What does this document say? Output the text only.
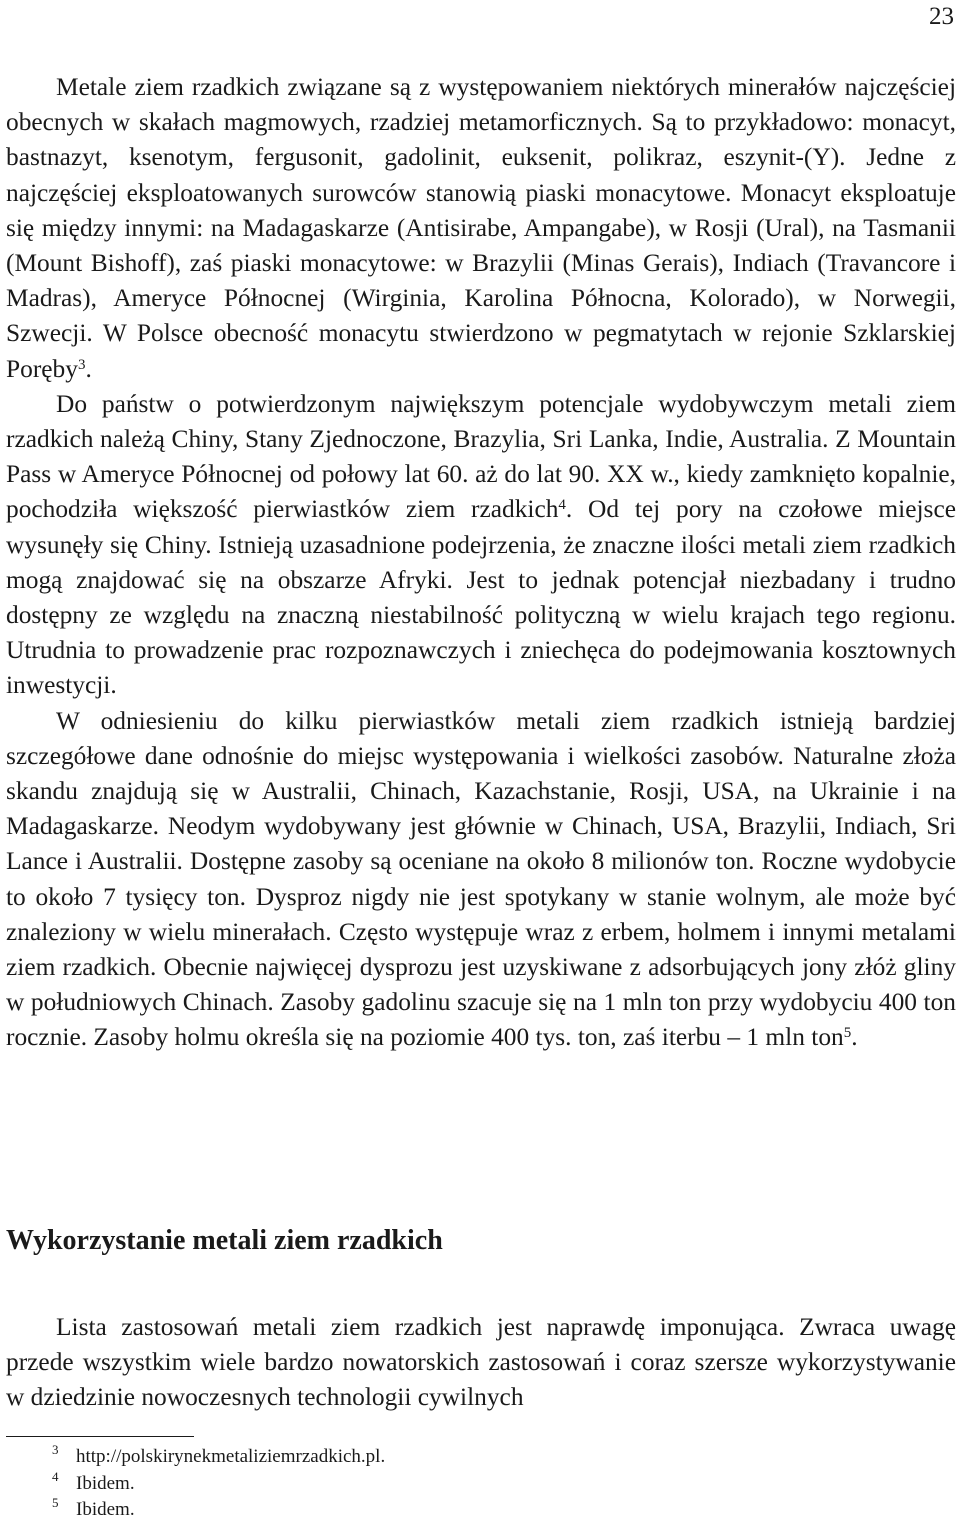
23

Metale ziem rzadkich związane są z występowaniem niektórych minerałów najczęściej obecnych w skałach magmowych, rzadziej metamorficznych. Są to przykładowo: monacyt, bastnazyt, ksenotym, fergusonit, gadolinit, euksenit, polikraz, eszynit-(Y). Jedne z najczęściej eksploatowanych surowców stanowią piaski monacytowe. Monacyt eksploatuje się między innymi: na Madagaskarze (Antisirabe, Ampangabe), w Rosji (Ural), na Tasmanii (Mount Bishoff), zaś piaski monacytowe: w Brazylii (Minas Gerais), Indiach (Travancore i Madras), Ameryce Północnej (Wirginia, Karolina Północna, Kolorado), w Norwegii, Szwecji. W Polsce obecność monacytu stwierdzono w pegmatytach w rejonie Szklarskiej Poręby$^3$.

Do państw o potwierdzonym największym potencjale wydobywczym metali ziem rzadkich należą Chiny, Stany Zjednoczone, Brazylia, Sri Lanka, Indie, Australia. Z Mountain Pass w Ameryce Północnej od połowy lat 60. aż do lat 90. XX w., kiedy zamknięto kopalnie, pochodziła większość pierwiastków ziem rzadkich$^4$. Od tej pory na czołowe miejsce wysunęły się Chiny. Istnieją uzasadnione podejrzenia, że znaczne ilości metali ziem rzadkich mogą znajdować się na obszarze Afryki. Jest to jednak potencjał niezbadany i trudno dostępny ze względu na znaczną niestabilność polityczną w wielu krajach tego regionu. Utrudnia to prowadzenie prac rozpoznawczych i zniechęca do podejmowania kosztownych inwestycji.

W odniesieniu do kilku pierwiastków metali ziem rzadkich istnieją bardziej szczegółowe dane odnośnie do miejsc występowania i wielkości zasobów. Naturalne złoża skandu znajdują się w Australii, Chinach, Kazachstanie, Rosji, USA, na Ukrainie i na Madagaskarze. Neodym wydobywany jest głównie w Chinach, USA, Brazylii, Indiach, Sri Lance i Australii. Dostępne zasoby są oceniane na około 8 milionów ton. Roczne wydobycie to około 7 tysięcy ton. Dysproz nigdy nie jest spotykany w stanie wolnym, ale może być znaleziony w wielu minerałach. Często występuje wraz z erbem, holmem i innymi metalami ziem rzadkich. Obecnie najwięcej dysprozu jest uzyskiwane z adsorbujących jony złóż gliny w południowych Chinach. Zasoby gadolinu szacuje się na 1 mln ton przy wydobyciu 400 ton rocznie. Zasoby holmu określa się na poziomie 400 tys. ton, zaś iterbu – 1 mln ton$^5$.

Wykorzystanie metali ziem rzadkich

Lista zastosowań metali ziem rzadkich jest naprawdę imponująca. Zwraca uwagę przede wszystkim wiele bardzo nowatorskich zastosowań i coraz szersze wykorzystywanie w dziedzinie nowoczesnych technologii cywilnych

3 http://polskirynekmetaliziemrzadkich.pl.

4 Ibidem.

5 Ibidem.
